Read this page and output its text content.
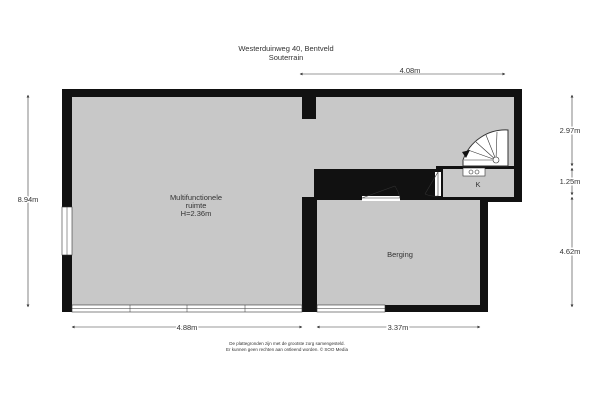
Westerduinweg 40, Bentveld
Souterrain
K
Multifunctionele
ruimte
H=2.36m
Berging
4.08m
8.94m
2.97m
1.25m
4.62m
4.88m	3.37m
De plattegronden zijn met de grootste zorg samengesteld.
Er kunnen geen rechten aan ontleend worden. © SOO Media
